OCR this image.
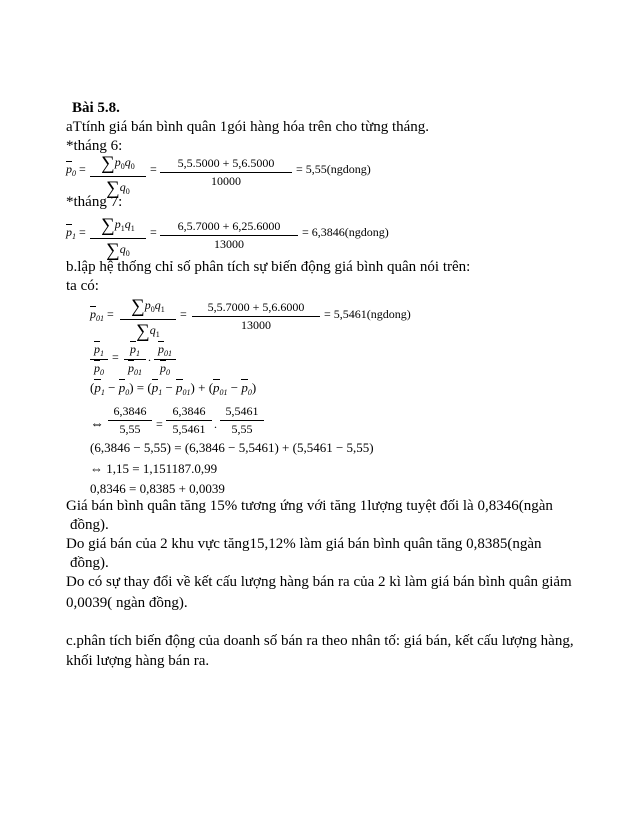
Bài 5.8.
aTtính giá bán bình quân 1gói hàng hóa trên cho từng tháng.
*tháng 6:
$p_0 = \frac{\sum p_0q_0}{\sum q_0} = \frac{5,5.5000 + 5,6.5000}{10000}$ = 5,55(ngdong)
*tháng 7:
$p_1 = \frac{\sum p_1q_1}{\sum q_0} = \frac{6,5.7000 + 6,25.6000}{13000}$ = 6,3846(ngdong)
b.lập hệ thống chỉ số phân tích sự biến động giá bình quân nói trên:
ta có:
$p_{01} = \frac{\sum p_0q_1}{\sum q_1} = \frac{5,5.7000 + 5,6.6000}{13000}$ = 5,5461(ngdong)
$\frac{p_1}{p_0} = \frac{p_1}{p_{01}}$ . $\frac{p_{01}}{p_0}$
$(p_1 - p_0) = (p_1 - p_{01}) + (p_{01} - p_0)$
⇔ $\frac{6,3846}{5,55} = \frac{6,3846}{5,5461}$ . $\frac{5,5461}{5,55}$
(6,3846 − 5,55) = (6,3846 − 5,5461) + (5,5461 − 5,55)
⇔ 1,15 = 1,151187.0,99
0,8346 = 0,8385 + 0,0039
Giá bán bình quân tăng 15% tương ứng với tăng 1lượng tuyệt đối là 0,8346(ngàn
đồng).
Do giá bán của 2 khu vực tăng15,12% làm giá bán bình quân tăng 0,8385(ngàn
đồng).
Do có sự thay đổi về kết cấu lượng hàng bán ra của 2 kì làm giá bán bình quân giảm
0,0039( ngàn đồng).
c.phân tích biến động của doanh số bán ra theo nhân tố: giá bán, kết cấu lượng hàng,
khối lượng hàng bán ra.
